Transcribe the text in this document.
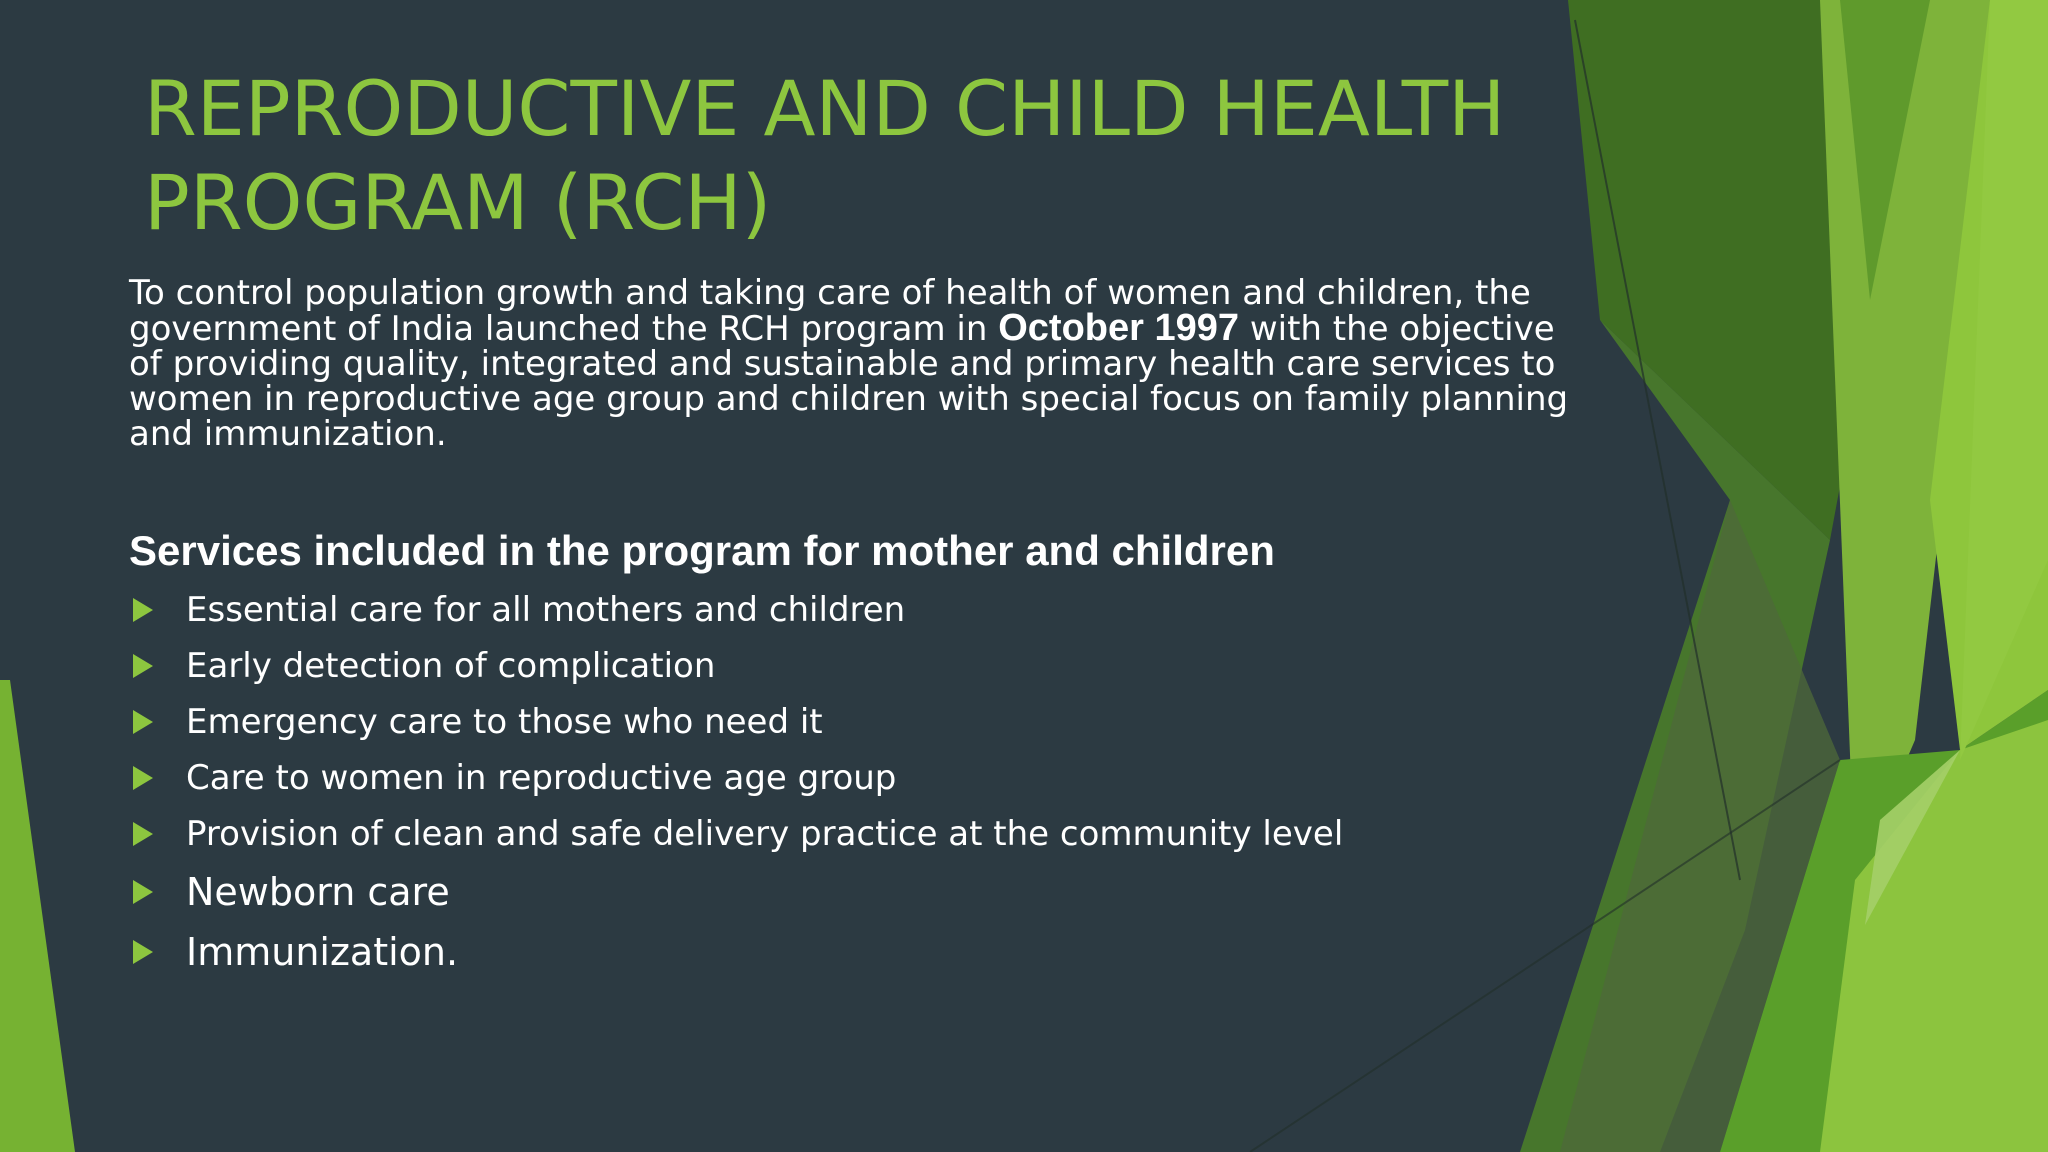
REPRODUCTIVE AND CHILD HEALTH
PROGRAM (RCH)

To control population growth and taking care of health of women and children, the
government of India launched the RCH program in October 1997 with the objective
of providing quality, integrated and sustainable and primary health care services to
women in reproductive age group and children with special focus on family planning
and immunization.

Services included in the program for mother and children
Essential care for all mothers and children
Early detection of complication
Emergency care to those who need it
Care to women in reproductive age group
Provision of clean and safe delivery practice at the community level
Newborn care
Immunization.
